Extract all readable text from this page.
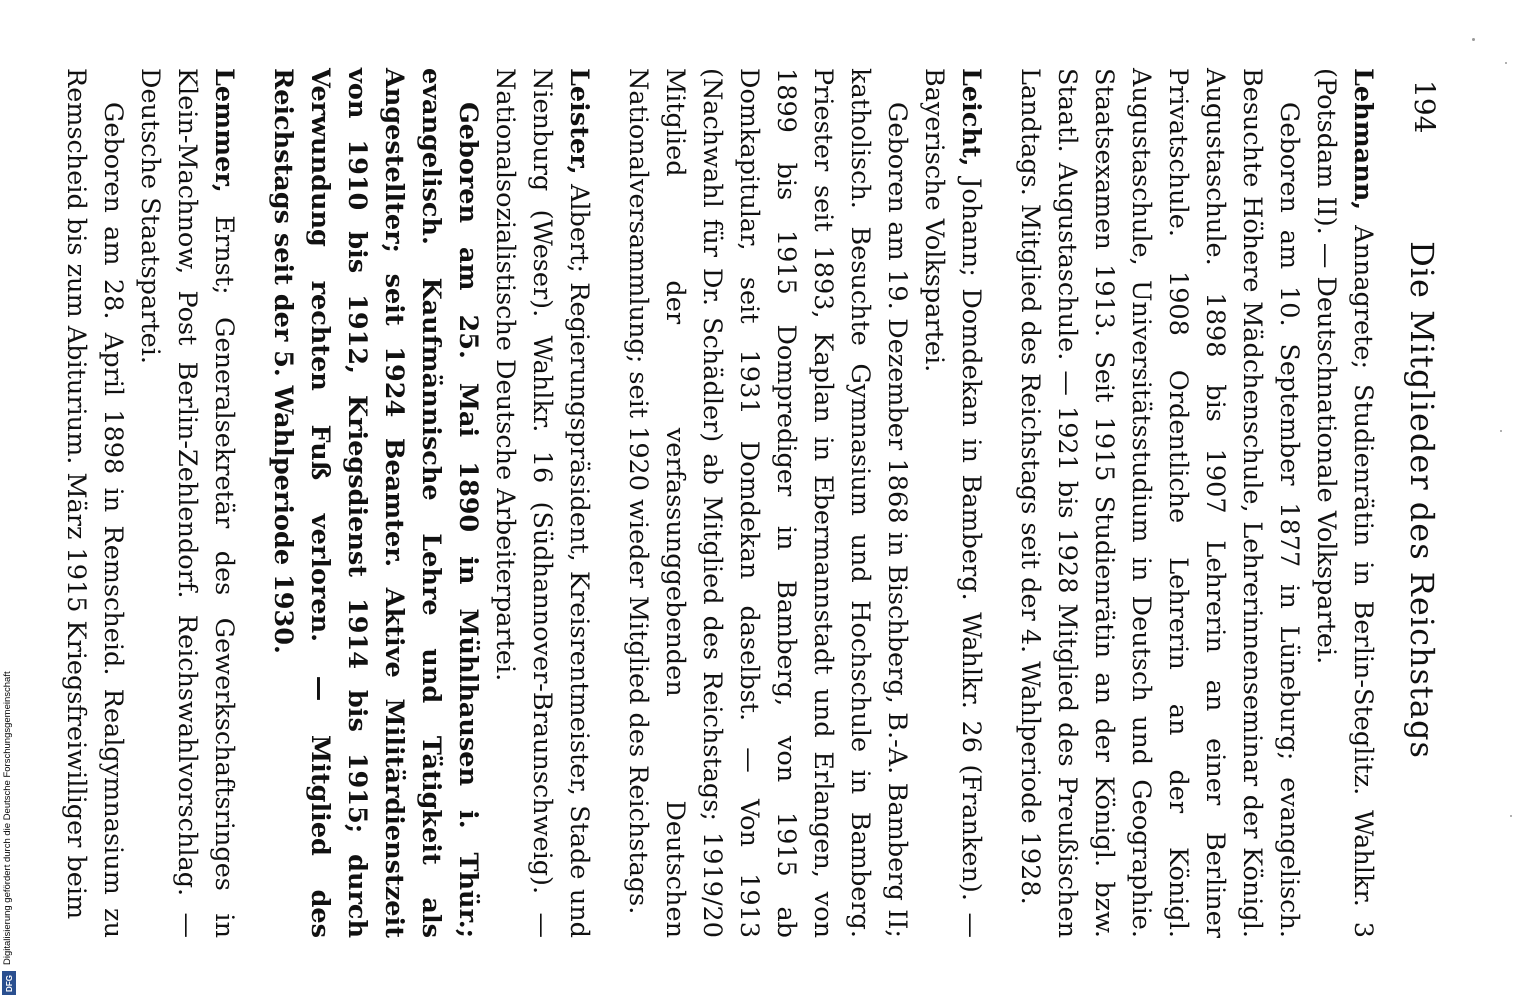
194
Die Mitglieder des Reichstags

Lehmann, Annagrete; Studienrätin in Berlin-Steglitz. Wahlkr. 3 (Potsdam II). — Deutschnationale Volkspartei.

Geboren am 10. September 1877 in Lüneburg; evangelisch. Besuchte Höhere Mädchenschule, Lehrerinnenseminar der Königl. Augustaschule. 1898 bis 1907 Lehrerin an einer Berliner Privatschule. 1908 Ordentliche Lehrerin an der Königl. Augustaschule, Universitätsstudium in Deutsch und Geographie. Staatsexamen 1913. Seit 1915 Studienrätin an der Königl. bzw. Staatl. Augustaschule. — 1921 bis 1928 Mitglied des Preußischen Landtags. Mitglied des Reichstags seit der 4. Wahlperiode 1928.

Leicht, Johann; Domdekan in Bamberg. Wahlkr. 26 (Franken). — Bayerische Volkspartei.

Geboren am 19. Dezember 1868 in Bischberg, B.-A. Bamberg II; katholisch. Besuchte Gymnasium und Hochschule in Bamberg. Priester seit 1893, Kaplan in Ebermannstadt und Erlangen, von 1899 bis 1915 Domprediger in Bamberg, von 1915 ab Domkapitular, seit 1931 Domdekan daselbst. — Von 1913 (Nachwahl für Dr. Schädler) ab Mitglied des Reichstags; 1919/20 Mitglied der verfassunggebenden Deutschen Nationalversammlung; seit 1920 wieder Mitglied des Reichstags.

Leister, Albert; Regierungspräsident, Kreisrentmeister, Stade und Nienburg (Weser). Wahlkr. 16 (Südhannover-Braunschweig). — Nationalsozialistische Deutsche Arbeiterpartei.

Geboren am 25. Mai 1890 in Mühlhausen i. Thür.; evangelisch. Kaufmännische Lehre und Tätigkeit als Angestellter; seit 1924 Beamter. Aktive Militärdienstzeit von 1910 bis 1912, Kriegsdienst 1914 bis 1915; durch Verwundung rechten Fuß verloren. — Mitglied des Reichstags seit der 5. Wahlperiode 1930.

Lemmer, Ernst; Generalsekretär des Gewerkschaftsringes in Klein-Machnow, Post Berlin-Zehlendorf. Reichswahlvorschlag. — Deutsche Staatspartei.

Geboren am 28. April 1898 in Remscheid. Realgymnasium zu Remscheid bis zum Abiturium. März 1915 Kriegsfreiwilliger beim

Digitalisierung gefördert durch die Deutsche Forschungsgemeinschaft
DFG
